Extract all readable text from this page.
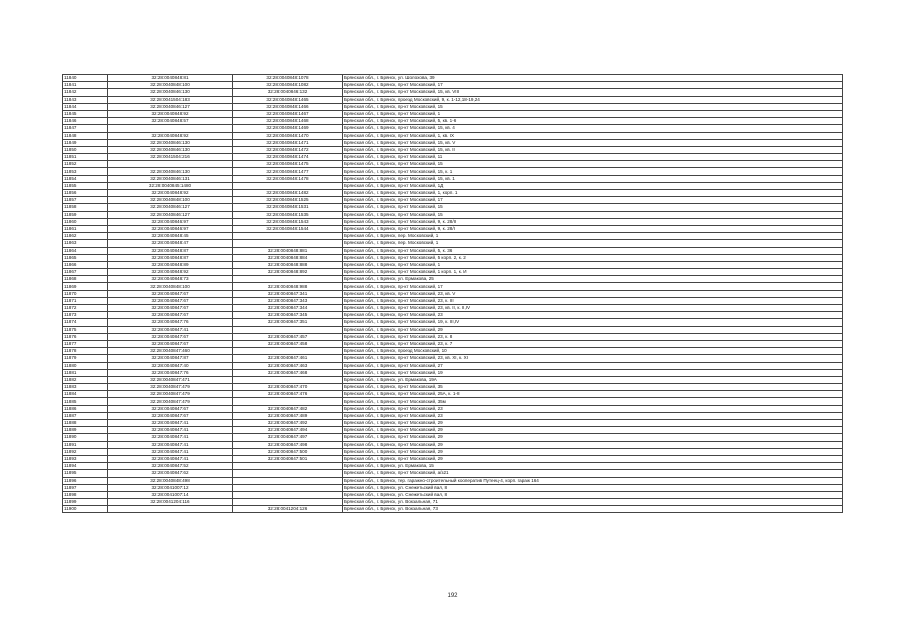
11840	32:28:0040848:81	32:28:0040848:1078	Брянская обл., г. Брянск, ул. Шолохова, 39
11841	32:28:0040848:100	32:28:0040848:1082	Брянская обл., г. Брянск, пр-кт Московский, 17
11842	32:28:0040846:130	32:28:0040846:132	Брянская обл., г. Брянск, пр-кт Московский, 15, кв. VIII
11843	32:28:0041504:183	32:28:0040848:1465	Брянская обл., г. Брянск, проезд Московский, 9, к. 1-12,18-19,24
11844	32:28:0040846:127	32:28:0040848:1466	Брянская обл., г. Брянск, пр-кт Московский, 15
11845	32:28:0040848:92	32:28:0040848:1467	Брянская обл., г. Брянск, пр-кт Московский, 1
11846	32:28:0040848:57	32:28:0040848:1468	Брянская обл., г. Брянск, пр-кт Московский, 5, кв. 1-6
11847		32:28:0040848:1469	Брянская обл., г. Брянск, пр-кт Московский, 15, кв. 4
11848	32:28:0040848:92	32:28:0040848:1470	Брянская обл., г. Брянск, пр-кт Московский, 1, кв. IX
11849	32:28:0040846:130	32:28:0040848:1471	Брянская обл., г. Брянск, пр-кт Московский, 15, кв. V
11850	32:28:0040846:130	32:28:0040848:1472	Брянская обл., г. Брянск, пр-кт Московский, 15, кв. II
11851	32:28:0041504:216	32:28:0040848:1474	Брянская обл., г. Брянск, пр-кт Московский, 11
11852		32:28:0040848:1475	Брянская обл., г. Брянск, пр-кт Московский, 15
11853	32:28:0040846:130	32:28:0040848:1477	Брянская обл., г. Брянск, пр-кт Московский, 15, к. 1
11854	32:28:0040846:131	32:28:0040848:1478	Брянская обл., г. Брянск, пр-кт Московский, 15, кв. 1
11855	32:28:0040845:1480		Брянская обл., г. Брянск, пр-кт Московский, 1Д
11856	32:28:0040848:92	32:28:0040848:1482	Брянская обл., г. Брянск, пр-кт Московский, 1, корп. 1
11857	32:28:0040848:100	32:28:0040848:1525	Брянская обл., г. Брянск, пр-кт Московский, 17
11858	32:28:0040846:127	32:28:0040848:1531	Брянская обл., г. Брянск, пр-кт Московский, 15
11859	32:28:0040846:127	32:28:0040848:1535	Брянская обл., г. Брянск, пр-кт Московский, 15
11860	32:28:0040846:97	32:28:0040848:1543	Брянская обл., г. Брянск, пр-кт Московский, 9, к. 28/II
11861	32:28:0040846:97	32:28:0040848:1544	Брянская обл., г. Брянск, пр-кт Московский, 9, к. 28/I
11862	32:28:0040848:45		Брянская обл., г. Брянск, пер. Московский, 1
11863	32:28:0040848:47		Брянская обл., г. Брянск, пер. Московский, 1
11864	32:28:0040848:87	32:28:0040848:881	Брянская обл., г. Брянск, пр-кт Московский, 5, к. 36
11865	32:28:0040848:87	32:28:0040848:884	Брянская обл., г. Брянск, пр-кт Московский, 5 корп. 2, к. 2
11866	32:28:0040848:89	32:28:0040848:888	Брянская обл., г. Брянск, пр-кт Московский, 1
11867	32:28:0040848:92	32:28:0040848:892	Брянская обл., г. Брянск, пр-кт Московский, 1 корп. 1, к. И
11868	32:28:0040848:73		Брянская обл., г. Брянск, ул. Ермакова, 25
11869	32:28:0040848:100	32:28:0040848:988	Брянская обл., г. Брянск, пр-кт Московский, 17
11870	32:28:0040847:67	32:28:0040847:341	Брянская обл., г. Брянск, пр-кт Московский, 23, кв. V
11871	32:28:0040847:67	32:28:0040847:343	Брянская обл., г. Брянск, пр-кт Московский, 23, к. III
11872	32:28:0040847:67	32:28:0040847:344	Брянская обл., г. Брянск, пр-кт Московский, 23, кв. II, к. II,IV
11873	32:28:0040847:67	32:28:0040847:345	Брянская обл., г. Брянск, пр-кт Московский, 23
11874	32:28:0040847:76	32:28:0040847:351	Брянская обл., г. Брянск, пр-кт Московский, 19, к. III,IV
11875	32:28:0040847:41		Брянская обл., г. Брянск, пр-кт Московский, 29
11876	32:28:0040847:67	32:28:0040847:457	Брянская обл., г. Брянск, пр-кт Московский, 23, к. 8
11877	32:28:0040847:67	32:28:0040847:458	Брянская обл., г. Брянск, пр-кт Московский, 23, к. 7
11878	32:28:0040847:460		Брянская обл., г. Брянск, проезд Московский, 10
11879	32:28:0040847:87	32:28:0040847:461	Брянская обл., г. Брянск, пр-кт Московский, 23, кв. XI, к. XI
11880	32:28:0040847:40	32:28:0040847:463	Брянская обл., г. Брянск, пр-кт Московский, 27
11881	32:28:0040847:76	32:28:0040847:468	Брянская обл., г. Брянск, пр-кт Московский, 19
11882	32:28:0040847:471		Брянская обл., г. Брянск, ул. Ермакова, 19А
11883	32:28:0040847:479	32:28:0040847:470	Брянская обл., г. Брянск, пр-кт Московский, 35
11884	32:28:0040847:479	32:28:0040847:476	Брянская обл., г. Брянск, пр-кт Московский, 25А, к. 1-8
11885	32:28:0040847:479		Брянская обл., г. Брянск, пр-кт Московский, 35м
11886	32:28:0040847:67	32:28:0040847:482	Брянская обл., г. Брянск, пр-кт Московский, 23
11887	32:28:0040847:67	32:28:0040847:489	Брянская обл., г. Брянск, пр-кт Московский, 23
11888	32:28:0040847:41	32:28:0040847:492	Брянская обл., г. Брянск, пр-кт Московский, 29
11889	32:28:0040847:41	32:28:0040847:494	Брянская обл., г. Брянск, пр-кт Московский, 29
11890	32:28:0040847:41	32:28:0040847:497	Брянская обл., г. Брянск, пр-кт Московский, 29
11891	32:28:0040847:41	32:28:0040847:498	Брянская обл., г. Брянск, пр-кт Московский, 29
11892	32:28:0040847:41	32:28:0040847:500	Брянская обл., г. Брянск, пр-кт Московский, 29
11893	32:28:0040847:41	32:28:0040847:501	Брянская обл., г. Брянск, пр-кт Московский, 29
11894	32:28:0040847:52		Брянская обл., г. Брянск, ул. Ермакова, 15
11895	32:28:0040847:62		Брянская обл., г. Брянск, пр-кт Московский, а/з21
11896	32:28:0040848:498		Брянская обл., г. Брянск, тер. гаражно-строительный кооператив Путеец-4, корп. гараж 164
11897	32:28:0041007:12		Брянская обл., г. Брянск, ул. Снежетьский вал, 8
11898	32:28:0041007:14		Брянская обл., г. Брянск, ул. Снежетьский вал, 8
11899	32:28:0041204:116		Брянская обл., г. Брянск, ул. Вокзальная, 71
11900		32:28:0041204:126	Брянская обл., г. Брянск, ул. Вокзальная, 73
192
